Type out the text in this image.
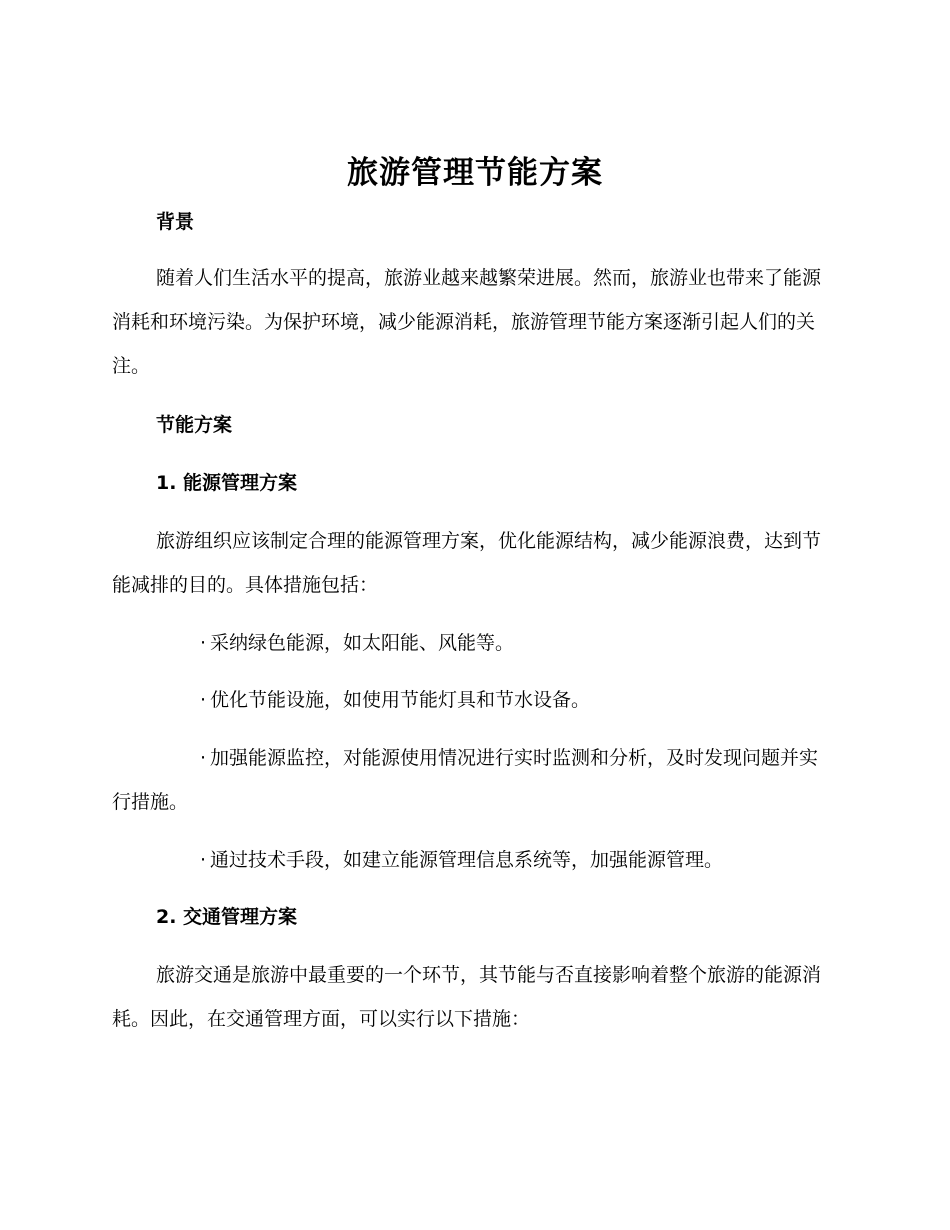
旅游管理节能方案
背景

随着人们生活水平的提高，旅游业越来越繁荣进展。然而，旅游业也带来了能源消耗和环境污染。为保护环境，减少能源消耗，旅游管理节能方案逐渐引起人们的关注。

节能方案
1. 能源管理方案

旅游组织应该制定合理的能源管理方案，优化能源结构，减少能源浪费，达到节能减排的目的。具体措施包括：

· 采纳绿色能源，如太阳能、风能等。

· 优化节能设施，如使用节能灯具和节水设备。

· 加强能源监控，对能源使用情况进行实时监测和分析，及时发现问题并实行措施。

· 通过技术手段，如建立能源管理信息系统等，加强能源管理。

2. 交通管理方案

旅游交通是旅游中最重要的一个环节，其节能与否直接影响着整个旅游的能源消耗。因此，在交通管理方面，可以实行以下措施：
